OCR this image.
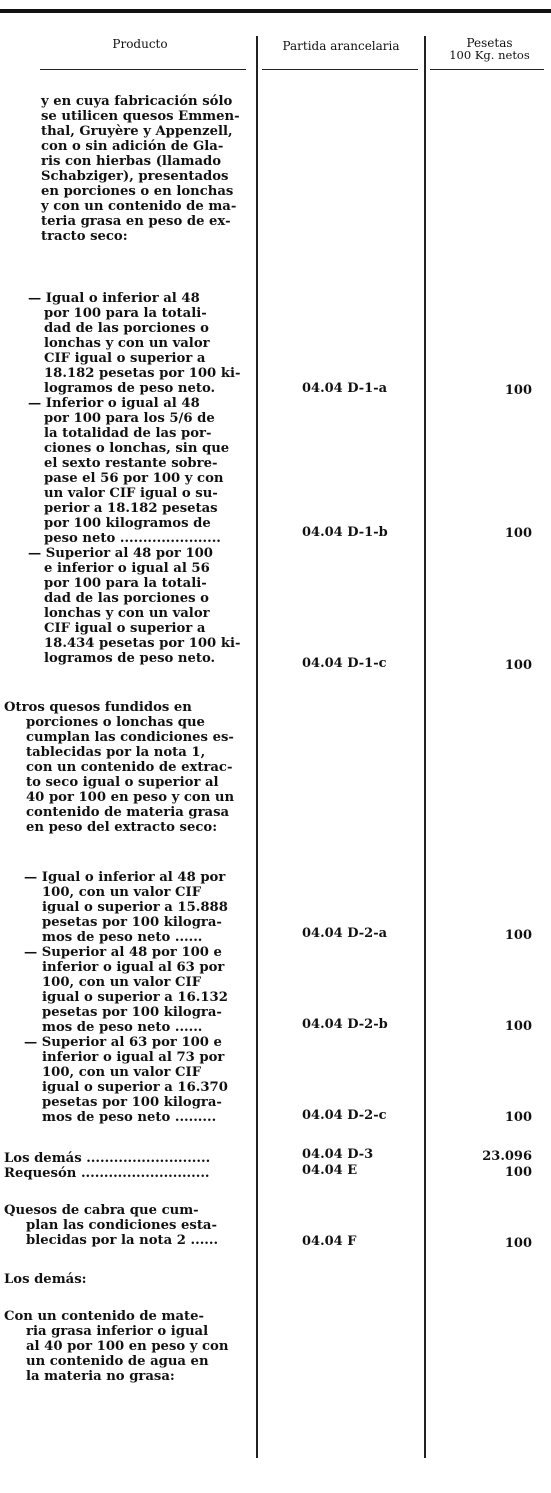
Producto	Partida arancelaria	Pesetas
100 Kg. netos
y en cuya fabricación sólo
se utilicen quesos Emmen-
thal, Gruyère y Appenzell,
con o sin adición de Gla-
ris con hierbas (llamado
Schabziger), presentados
en porciones o en lonchas
y con un contenido de ma-
teria grasa en peso de ex-
tracto seco:
— Igual o inferior al 48
por 100 para la totali-
dad de las porciones o
lonchas y con un valor
CIF igual o superior a
18.182 pesetas por 100 ki-
logramos de peso neto.
— Inferior o igual al 48
por 100 para los 5/6 de
la totalidad de las por-
ciones o lonchas, sin que
el sexto restante sobre-
pase el 56 por 100 y con
un valor CIF igual o su-
perior a 18.182 pesetas
por 100 kilogramos de
peso neto ......................
— Superior al 48 por 100
e inferior o igual al 56
por 100 para la totali-
dad de las porciones o
lonchas y con un valor
CIF igual o superior a
18.434 pesetas por 100 ki-
logramos de peso neto.
Otros quesos fundidos en
porciones o lonchas que
cumplan las condiciones es-
tablecidas por la nota 1,
con un contenido de extrac-
to seco igual o superior al
40 por 100 en peso y con un
contenido de materia grasa
en peso del extracto seco:
— Igual o inferior al 48 por
100, con un valor CIF
igual o superior a 15.888
pesetas por 100 kilogra-
mos de peso neto ......
— Superior al 48 por 100 e
inferior o igual al 63 por
100, con un valor CIF
igual o superior a 16.132
pesetas por 100 kilogra-
mos de peso neto ......
— Superior al 63 por 100 e
inferior o igual al 73 por
100, con un valor CIF
igual o superior a 16.370
pesetas por 100 kilogra-
mos de peso neto .........
Los demás ...........................
Requesón ............................
Quesos de cabra que cum-
plan las condiciones esta-
blecidas por la nota 2 ......
Los demás:
Con un contenido de mate-
ria grasa inferior o igual
al 40 por 100 en peso y con
un contenido de agua en
la materia no grasa:
04.04 D-1-a
04.04 D-1-b
04.04 D-1-c
04.04 D-2-a
04.04 D-2-b
04.04 D-2-c
04.04 D-3
04.04 E
04.04 F
100
100
100
100
100
100
23.096
100
100
